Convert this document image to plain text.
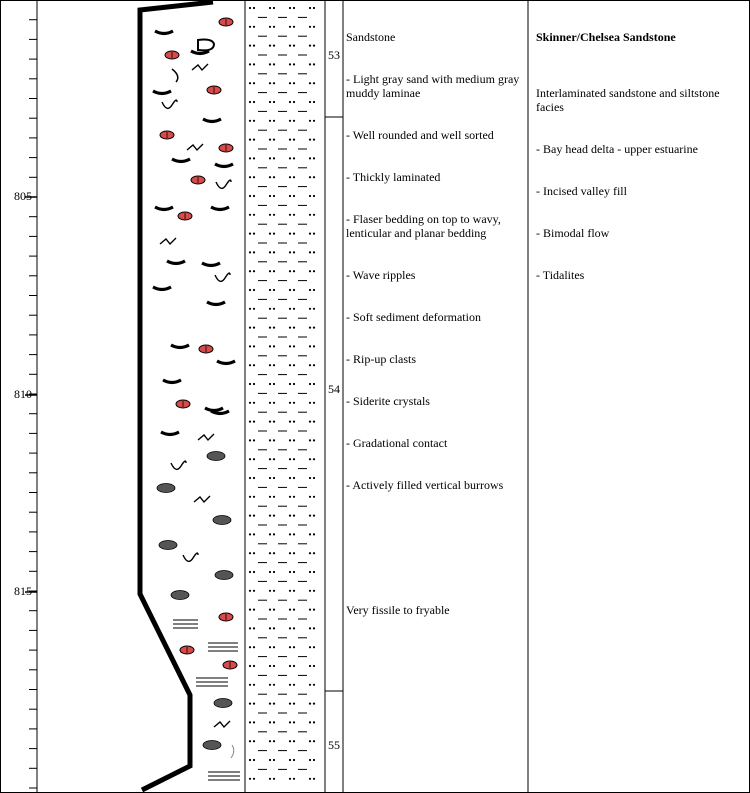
805
810
815
53
54
55

Sandstone

- Light gray sand with medium gray muddy laminae

- Well rounded and well sorted

- Thickly laminated

- Flaser bedding on top to wavy, lenticular and planar bedding

- Wave ripples

- Soft sediment deformation

- Rip-up clasts

- Siderite crystals

- Gradational contact

- Actively filled vertical burrows

Very fissile to fryable

Skinner/Chelsea Sandstone

Interlaminated sandstone and siltstone facies

- Bay head delta - upper estuarine

- Incised valley fill

- Bimodal flow

- Tidalites
